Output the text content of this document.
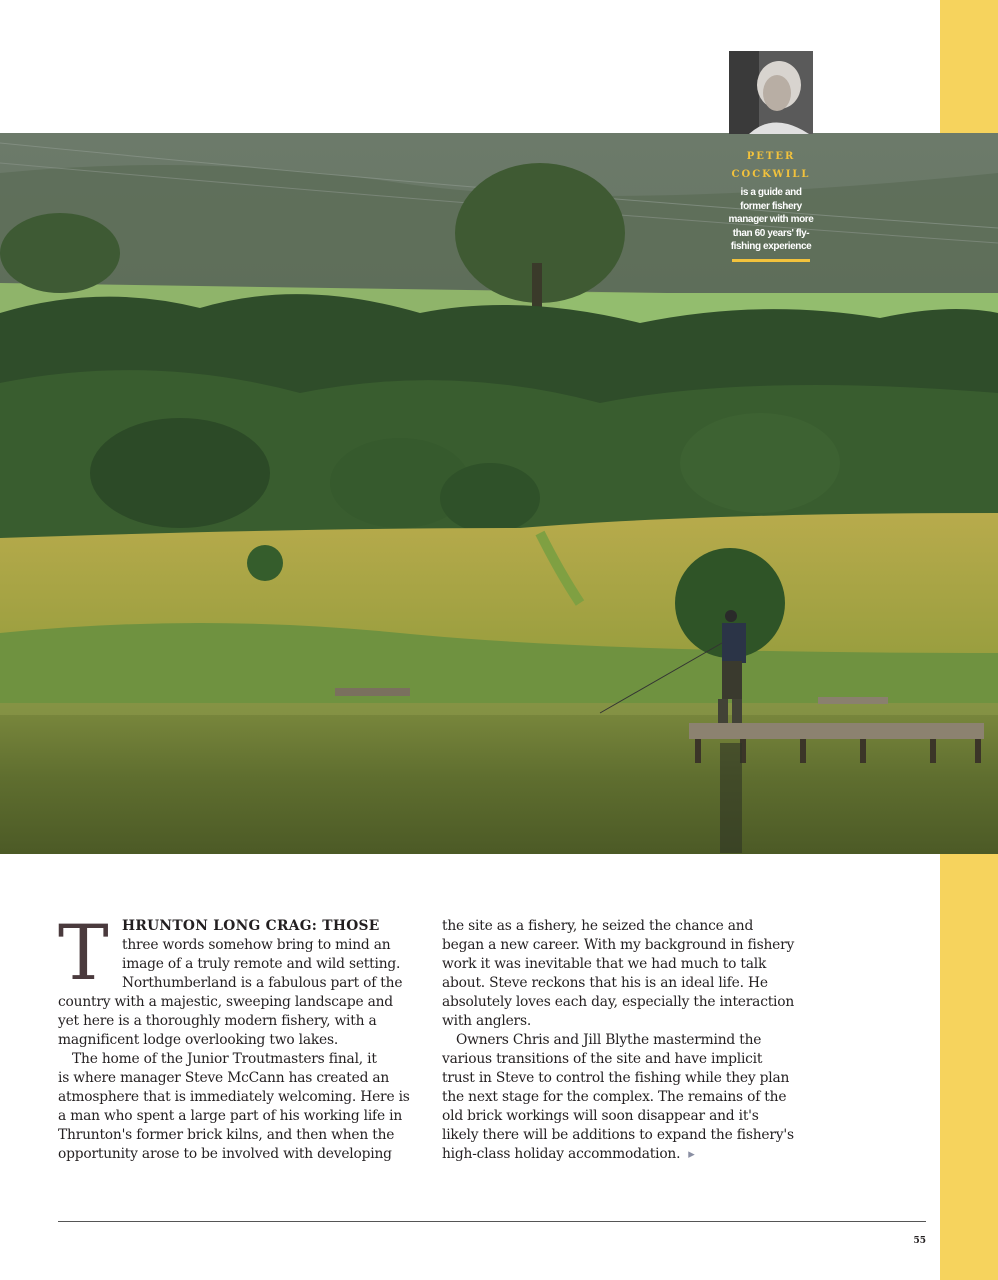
PETER
COCKWILL
is a guide and
former fishery
manager with more
than 60 years' fly-
fishing experience
T HRUNTON LONG CRAG: THOSE

three words somehow bring to mind an

image of a truly remote and wild setting.

Northumberland is a fabulous part of the

country with a majestic, sweeping landscape and

yet here is a thoroughly modern fishery, with a

magnificent lodge overlooking two lakes.

The home of the Junior Troutmasters final, it

is where manager Steve McCann has created an

atmosphere that is immediately welcoming. Here is

a man who spent a large part of his working life in

Thrunton's former brick kilns, and then when the

opportunity arose to be involved with developing

the site as a fishery, he seized the chance and

began a new career. With my background in fishery

work it was inevitable that we had much to talk

about. Steve reckons that his is an ideal life. He

absolutely loves each day, especially the interaction

with anglers.

Owners Chris and Jill Blythe mastermind the

various transitions of the site and have implicit

trust in Steve to control the fishing while they plan

the next stage for the complex. The remains of the

old brick workings will soon disappear and it's

likely there will be additions to expand the fishery's

high-class holiday accommodation. ▸

55
